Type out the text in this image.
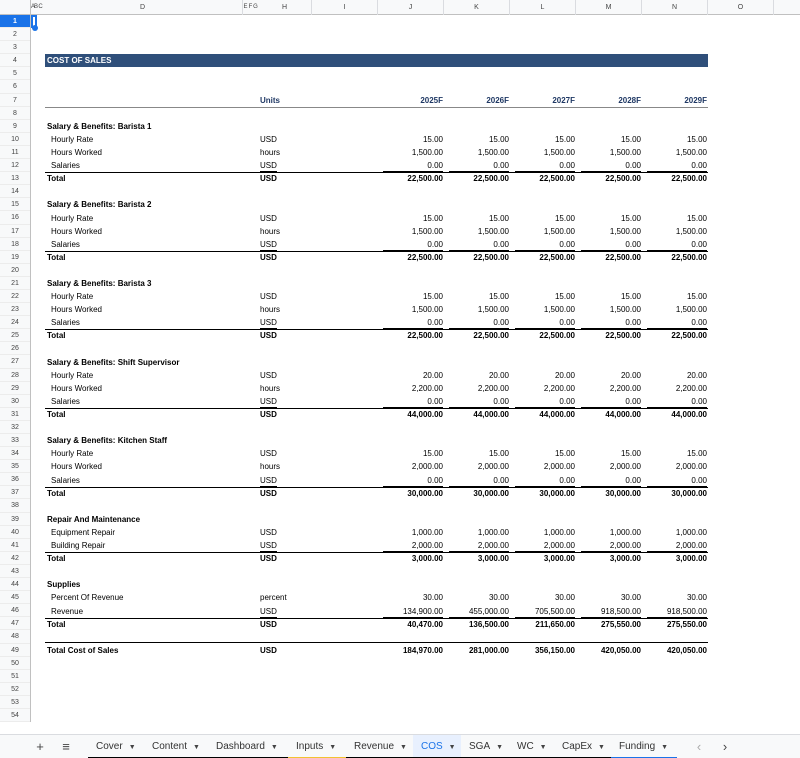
A
B C	D	E F G	H	I	J	K	L	M	N	O
1
2
3
4
5
6
7
8
9
10
11
12
13
14
15
16
17
18
19
20
21
22
23
24
25
26
27
28
29
30
31
32
33
34
35
36
37
38
39
40
41
42
43
44
45
46
47
48
49
50
51
52
53
54
COST OF SALES
Units	2025F	2026F	2027F	2028F	2029F
Salary & Benefits: Barista 1
Hourly Rate	USD	15.00	15.00	15.00	15.00	15.00
Hours Worked	hours	1,500.00	1,500.00	1,500.00	1,500.00	1,500.00
Salaries	USD	0.00	0.00	0.00	0.00	0.00
Total	USD	22,500.00	22,500.00	22,500.00	22,500.00	22,500.00
Salary & Benefits: Barista 2
Hourly Rate	USD	15.00	15.00	15.00	15.00	15.00
Hours Worked	hours	1,500.00	1,500.00	1,500.00	1,500.00	1,500.00
Salaries	USD	0.00	0.00	0.00	0.00	0.00
Total	USD	22,500.00	22,500.00	22,500.00	22,500.00	22,500.00
Salary & Benefits: Barista 3
Hourly Rate	USD	15.00	15.00	15.00	15.00	15.00
Hours Worked	hours	1,500.00	1,500.00	1,500.00	1,500.00	1,500.00
Salaries	USD	0.00	0.00	0.00	0.00	0.00
Total	USD	22,500.00	22,500.00	22,500.00	22,500.00	22,500.00
Salary & Benefits: Shift Supervisor
Hourly Rate	USD	20.00	20.00	20.00	20.00	20.00
Hours Worked	hours	2,200.00	2,200.00	2,200.00	2,200.00	2,200.00
Salaries	USD	0.00	0.00	0.00	0.00	0.00
Total	USD	44,000.00	44,000.00	44,000.00	44,000.00	44,000.00
Salary & Benefits: Kitchen Staff
Hourly Rate	USD	15.00	15.00	15.00	15.00	15.00
Hours Worked	hours	2,000.00	2,000.00	2,000.00	2,000.00	2,000.00
Salaries	USD	0.00	0.00	0.00	0.00	0.00
Total	USD	30,000.00	30,000.00	30,000.00	30,000.00	30,000.00
Repair And Maintenance
Equipment Repair	USD	1,000.00	1,000.00	1,000.00	1,000.00	1,000.00
Building Repair	USD	2,000.00	2,000.00	2,000.00	2,000.00	2,000.00
Total	USD	3,000.00	3,000.00	3,000.00	3,000.00	3,000.00
Supplies
Percent Of Revenue	percent	30.00	30.00	30.00	30.00	30.00
Revenue	USD	134,900.00	455,000.00	705,500.00	918,500.00	918,500.00
Total	USD	40,470.00	136,500.00	211,650.00	275,550.00	275,550.00
Total Cost of Sales	USD	184,970.00	281,000.00	356,150.00	420,050.00	420,050.00
+	≡	‹	›
Cover ▼	Content ▼	Dashboard ▼	Inputs ▼	Revenue ▼	COS ▼	SGA ▼	WC ▼	CapEx ▼	Funding ▼
